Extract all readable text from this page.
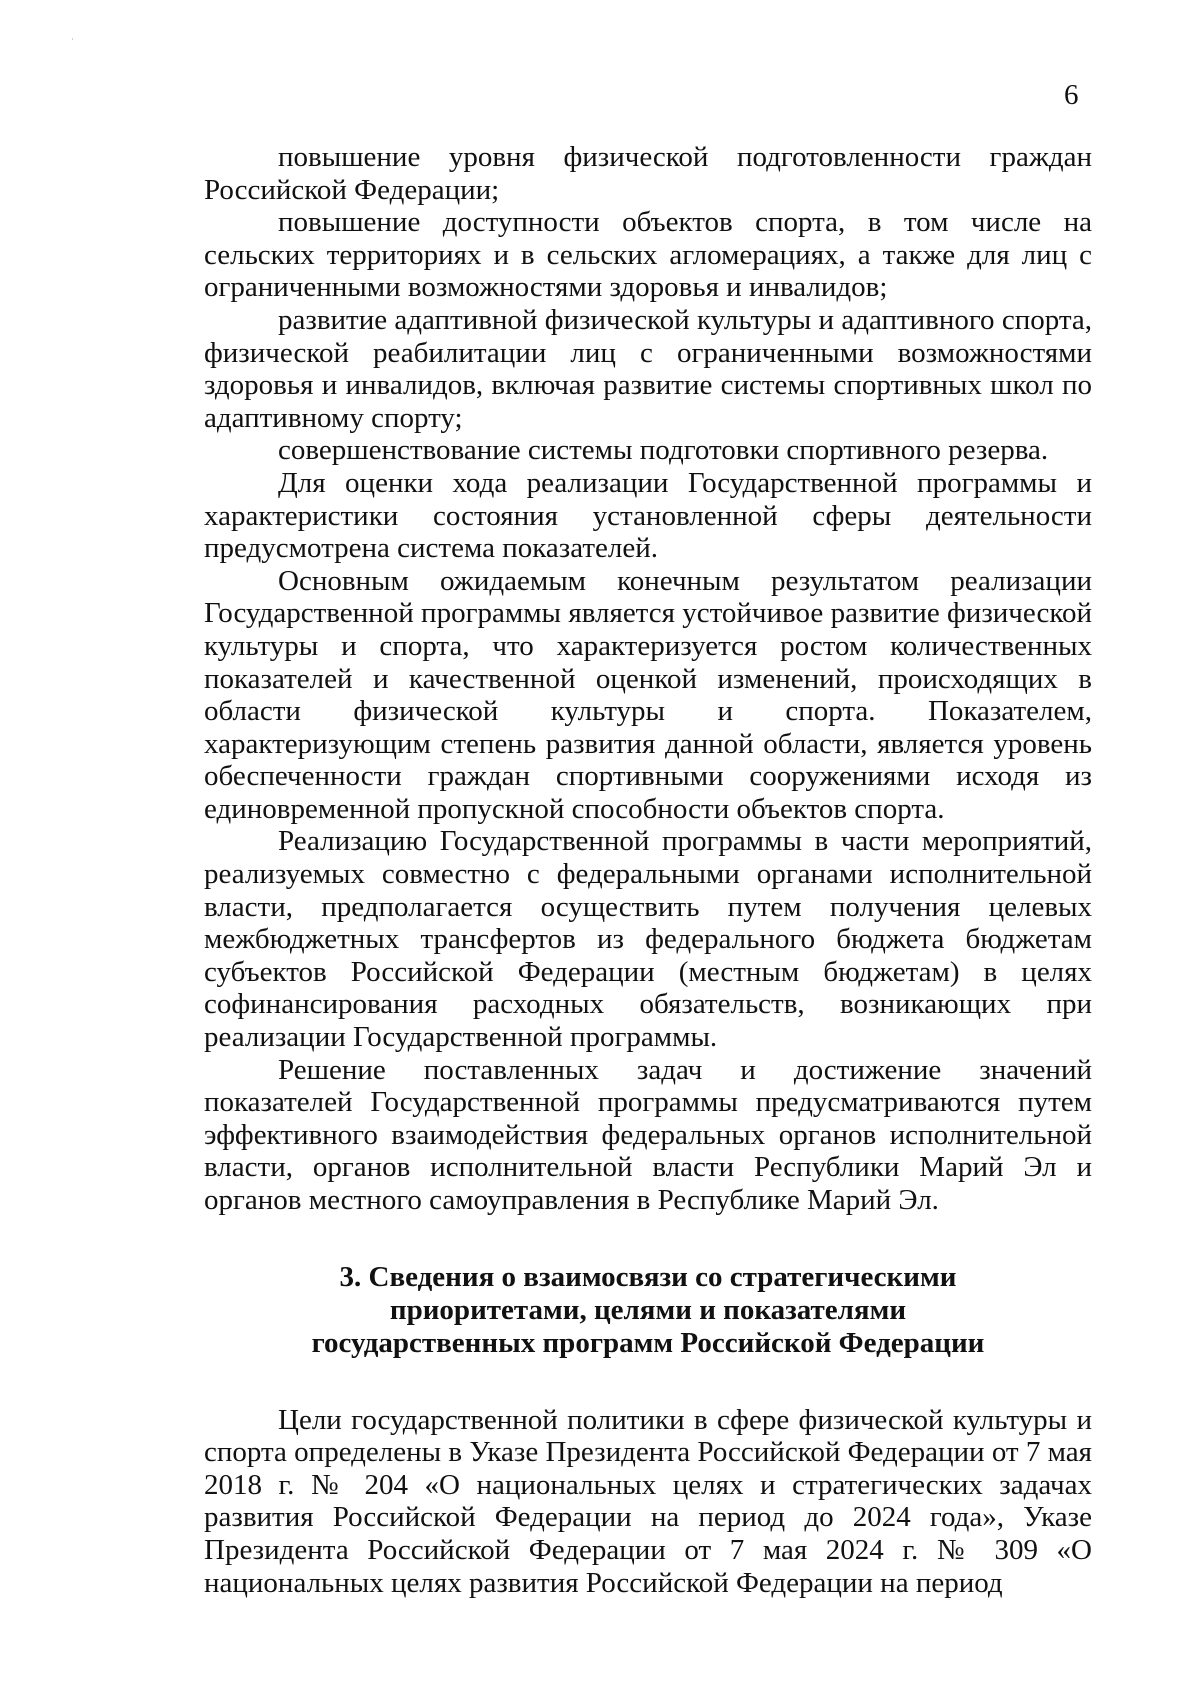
6

повышение уровня физической подготовленности граждан Российской Федерации;

повышение доступности объектов спорта, в том числе на сельских территориях и в сельских агломерациях, а также для лиц с ограниченными возможностями здоровья и инвалидов;

развитие адаптивной физической культуры и адаптивного спорта, физической реабилитации лиц с ограниченными возможностями здоровья и инвалидов, включая развитие системы спортивных школ по адаптивному спорту;

совершенствование системы подготовки спортивного резерва.

Для оценки хода реализации Государственной программы и характеристики состояния установленной сферы деятельности предусмотрена система показателей.

Основным ожидаемым конечным результатом реализации Государственной программы является устойчивое развитие физической культуры и спорта, что характеризуется ростом количественных показателей и качественной оценкой изменений, происходящих в области физической культуры и спорта. Показателем, характеризующим степень развития данной области, является уровень обеспеченности граждан спортивными сооружениями исходя из единовременной пропускной способности объектов спорта.

Реализацию Государственной программы в части мероприятий, реализуемых совместно с федеральными органами исполнительной власти, предполагается осуществить путем получения целевых межбюджетных трансфертов из федерального бюджета бюджетам субъектов Российской Федерации (местным бюджетам) в целях софинансирования расходных обязательств, возникающих при реализации Государственной программы.

Решение поставленных задач и достижение значений показателей Государственной программы предусматриваются путем эффективного взаимодействия федеральных органов исполнительной власти, органов исполнительной власти Республики Марий Эл и органов местного самоуправления в Республике Марий Эл.

3. Сведения о взаимосвязи со стратегическими
приоритетами, целями и показателями
государственных программ Российской Федерации

Цели государственной политики в сфере физической культуры и спорта определены в Указе Президента Российской Федерации от 7 мая 2018 г. № 204 «О национальных целях и стратегических задачах развития Российской Федерации на период до 2024 года», Указе Президента Российской Федерации от 7 мая 2024 г. № 309 «О национальных целях развития Российской Федерации на период
